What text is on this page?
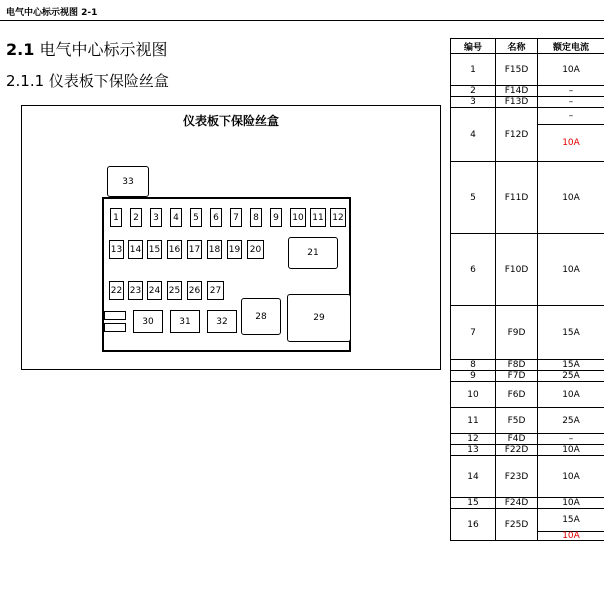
电气中心标示视图 2-1
2.1 电气中心标示视图
2.1.1 仪表板下保险丝盒
仪表板下保险丝盒
33
1	2	3	4	5	6	7	8	9	10 11 12
13 14 15 16 17 18 19	20	21
22 23 24 25 26	27
30	31	32	28	29
编号	名称	额定电流
1	F15D	10A
2	F14D	–
3	F13D	–
4	F12D	–
10A

5	F11D	10A
6	F10D	10A
7	F9D	15A
8	F8D	15A
9	F7D	25A
10	F6D	10A
11	F5D	25A
12	F4D	–
13	F22D	10A
14	F23D	10A
15	F24D	10A
16	F25D	15A
10A
